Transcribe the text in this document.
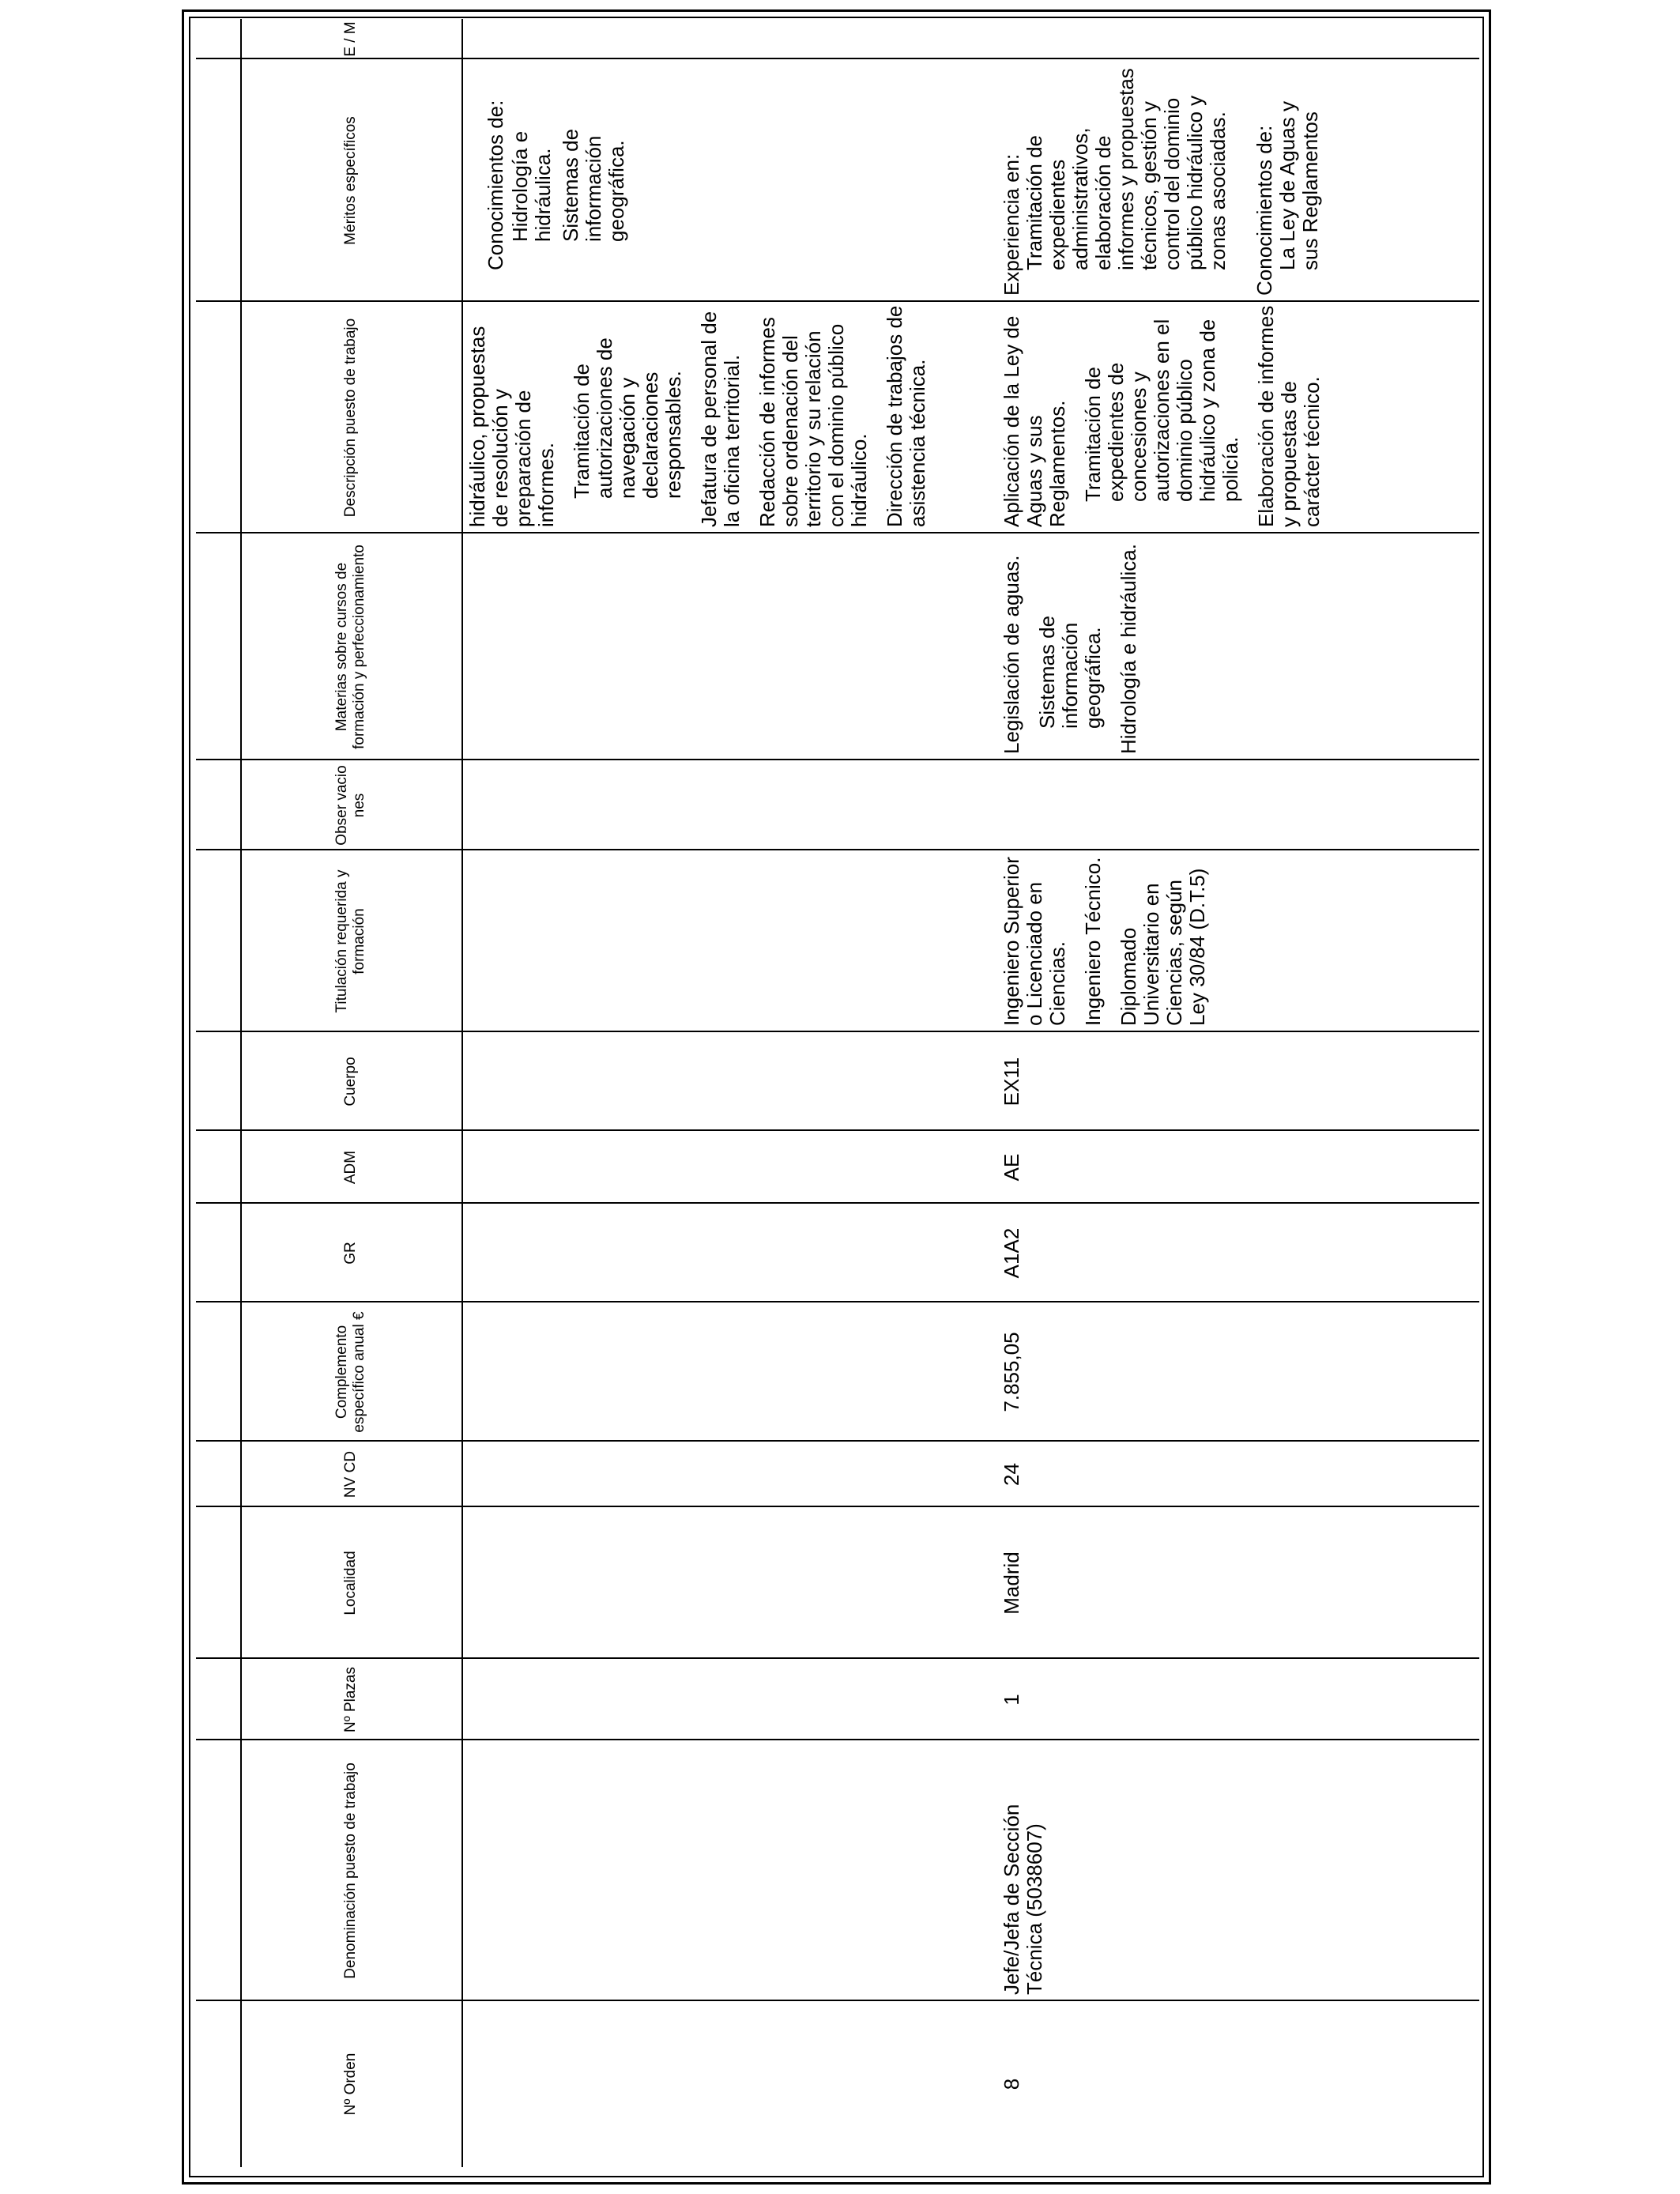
Nº Orden
Denominación puesto de trabajo
Nº Plazas
Localidad
NV CD
Complemento específico anual €
GR
ADM
Cuerpo
Titulación requerida y formación
Obser vacio nes
Materias sobre cursos de formación y perfeccionamiento
Descripción puesto de trabajo
Méritos específicos
E / M

hidráulico, propuestas de resolución y preparación de informes. Tramitación de autorizaciones de navegación y declaraciones responsables. Jefatura de personal de la oficina territorial. Redacción de informes sobre ordenación del territorio y su relación con el dominio público hidráulico. Dirección de trabajos de asistencia técnica.

Conocimientos de: Hidrología e hidráulica. Sistemas de información geográfica.

8

Jefe/Jefa de Sección Técnica (5038607)

1

Madrid

24

7.855,05

A1A2

AE

EX11

Ingeniero Superior o Licenciado en Ciencias. Ingeniero Técnico. Diplomado Universitario en Ciencias, según Ley 30/84 (D.T.5)

Legislación de aguas. Sistemas de información geográfica. Hidrología e hidráulica.

Aplicación de la Ley de Aguas y sus Reglamentos. Tramitación de expedientes de concesiones y autorizaciones en el dominio público hidráulico y zona de policía. Elaboración de informes y propuestas de carácter técnico.

Experiencia en: Tramitación de expedientes administrativos, elaboración de informes y propuestas técnicos, gestión y control del dominio público hidráulico y zonas asociadas. Conocimientos de: La Ley de Aguas y sus Reglamentos
